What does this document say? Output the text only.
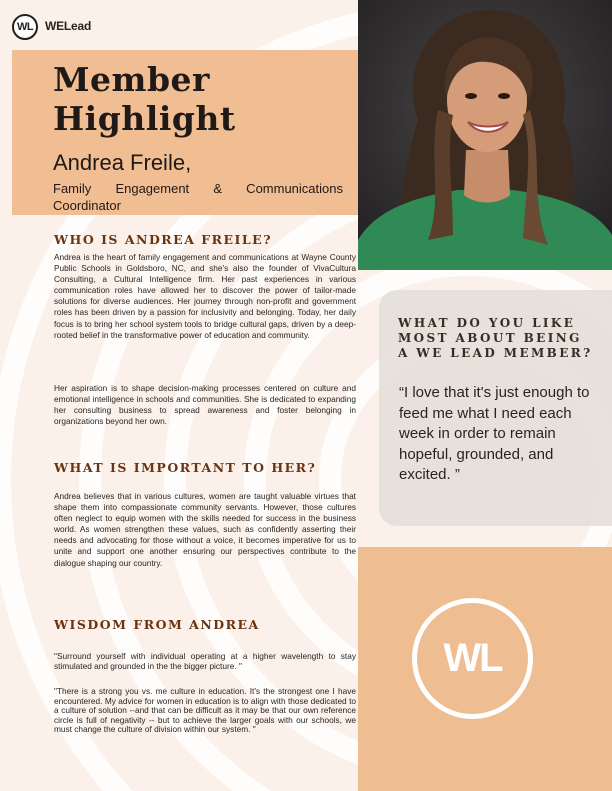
WL WELead
Member
Highlight
Andrea Freile,
Family Engagement & Communications
Coordinator
WHO IS ANDREA FREILE?
Andrea is the heart of family engagement and communications at Wayne County Public Schools in Goldsboro, NC, and she's also the founder of VivaCultura Consulting, a Cultural Intelligence firm. Her past experiences in various communication roles have allowed her to discover the power of tailor-made solutions for diverse audiences. Her journey through non-profit and government roles has been driven by a passion for inclusivity and belonging. Today, her daily focus is to bring her school system tools to bridge cultural gaps, driven by a deep-rooted belief in the transformative power of education and community.
Her aspiration is to shape decision-making processes centered on culture and emotional intelligence in schools and communities. She is dedicated to expanding her consulting business to spread awareness and foster belonging in organizations beyond her own.
WHAT IS IMPORTANT TO HER?
Andrea believes that in various cultures, women are taught valuable virtues that shape them into compassionate community servants. However, those cultures often neglect to equip women with the skills needed for success in the business world. As women strengthen these values, such as confidently asserting their needs and advocating for those without a voice, it becomes imperative for us to unite and support one another ensuring our perspectives contribute to the dialogue shaping our country.
WISDOM FROM ANDREA
"Surround yourself with individual operating at a higher wavelength to stay stimulated and grounded in the the bigger picture. "
"There is a strong you vs. me culture in education. It's the strongest one I have encountered. My advice for women in education is to align with those dedicated to a culture of solution --and that can be difficult as it may be that our own reference circle is full of negativity -- but to achieve the larger goals with our schools, we must change the culture of division within our system. "
WHAT DO YOU LIKE MOST ABOUT BEING A WE LEAD MEMBER?
“I love that it's just enough to feed me what I need each week in order to remain hopeful, grounded, and excited. ”
WL
